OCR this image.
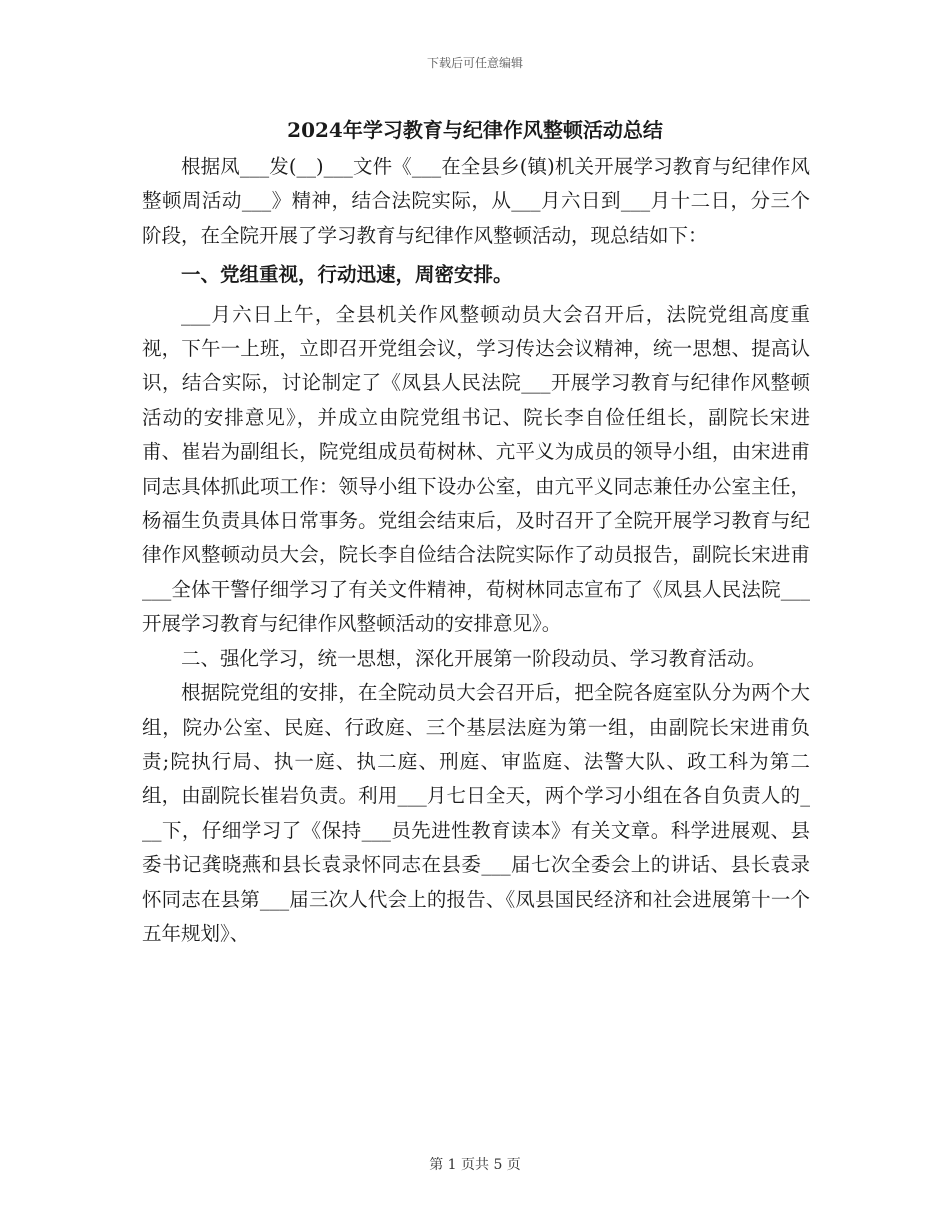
下载后可任意编辑
2024年学习教育与纪律作风整顿活动总结

根据凤___发(__)___文件《___在全县乡(镇)机关开展学习教育与纪律作风整顿周活动___》精神，结合法院实际，从___月六日到___月十二日，分三个阶段，在全院开展了学习教育与纪律作风整顿活动，现总结如下：

一、党组重视，行动迅速，周密安排。

___月六日上午，全县机关作风整顿动员大会召开后，法院党组高度重视，下午一上班，立即召开党组会议，学习传达会议精神，统一思想、提高认识，结合实际，讨论制定了《凤县人民法院___开展学习教育与纪律作风整顿活动的安排意见》，并成立由院党组书记、院长李自俭任组长，副院长宋进甫、崔岩为副组长，院党组成员荀树林、亢平义为成员的领导小组，由宋进甫同志具体抓此项工作：领导小组下设办公室，由亢平义同志兼任办公室主任，杨福生负责具体日常事务。党组会结束后，及时召开了全院开展学习教育与纪律作风整顿动员大会，院长李自俭结合法院实际作了动员报告，副院长宋进甫___全体干警仔细学习了有关文件精神，荀树林同志宣布了《凤县人民法院___开展学习教育与纪律作风整顿活动的安排意见》。

二、强化学习，统一思想，深化开展第一阶段动员、学习教育活动。

根据院党组的安排，在全院动员大会召开后，把全院各庭室队分为两个大组，院办公室、民庭、行政庭、三个基层法庭为第一组，由副院长宋进甫负责;院执行局、执一庭、执二庭、刑庭、审监庭、法警大队、政工科为第二组，由副院长崔岩负责。利用___月七日全天，两个学习小组在各自负责人的___下，仔细学习了《保持___员先进性教育读本》有关文章。科学进展观、县委书记龚晓燕和县长袁录怀同志在县委___届七次全委会上的讲话、县长袁录怀同志在县第___届三次人代会上的报告、《凤县国民经济和社会进展第十一个五年规划》、

第 1 页共 5 页
